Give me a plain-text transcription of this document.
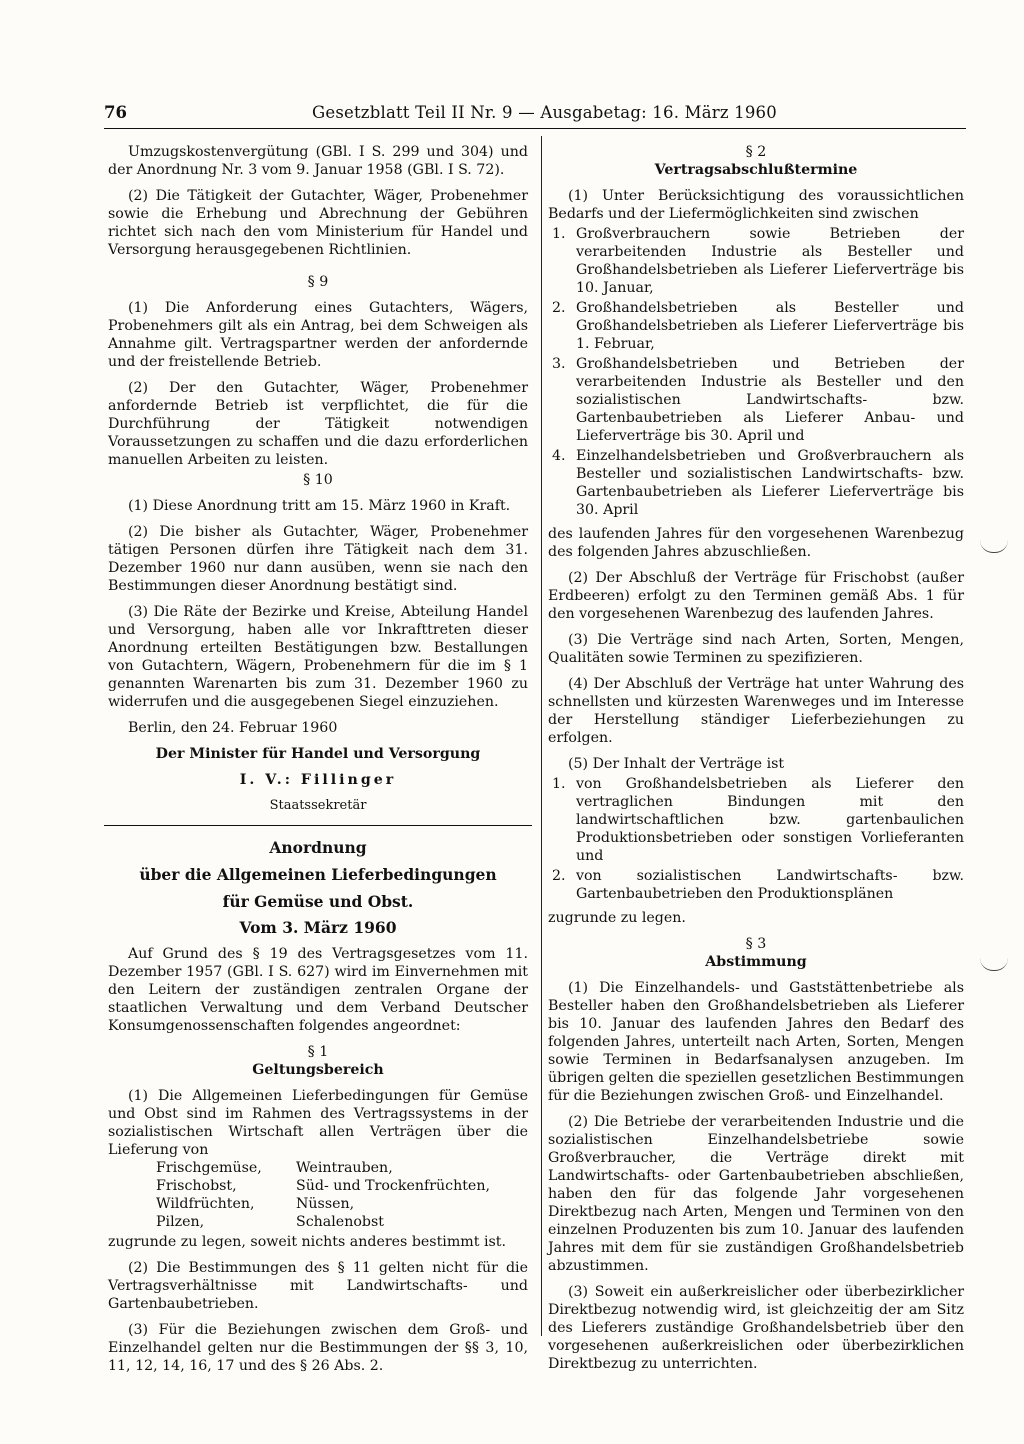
76	Gesetzblatt Teil II Nr. 9 — Ausgabetag: 16. März 1960

Umzugskostenvergütung (GBl. I S. 299 und 304) und der Anordnung Nr. 3 vom 9. Januar 1958 (GBl. I S. 72).

(2) Die Tätigkeit der Gutachter, Wäger, Probenehmer sowie die Erhebung und Abrechnung der Gebühren richtet sich nach den vom Ministerium für Handel und Versorgung herausgegebenen Richtlinien.

§ 9

(1) Die Anforderung eines Gutachters, Wägers, Probenehmers gilt als ein Antrag, bei dem Schweigen als Annahme gilt. Vertragspartner werden der anfordernde und der freistellende Betrieb.

(2) Der den Gutachter, Wäger, Probenehmer anfordernde Betrieb ist verpflichtet, die für die Durchführung der Tätigkeit notwendigen Voraussetzungen zu schaffen und die dazu erforderlichen manuellen Arbeiten zu leisten.

§ 10

(1) Diese Anordnung tritt am 15. März 1960 in Kraft.

(2) Die bisher als Gutachter, Wäger, Probenehmer tätigen Personen dürfen ihre Tätigkeit nach dem 31. Dezember 1960 nur dann ausüben, wenn sie nach den Bestimmungen dieser Anordnung bestätigt sind.

(3) Die Räte der Bezirke und Kreise, Abteilung Handel und Versorgung, haben alle vor Inkrafttreten dieser Anordnung erteilten Bestätigungen bzw. Bestallungen von Gutachtern, Wägern, Probenehmern für die im § 1 genannten Warenarten bis zum 31. Dezember 1960 zu widerrufen und die ausgegebenen Siegel einzuziehen.

Berlin, den 24. Februar 1960

Der Minister für Handel und Versorgung

I. V.: Fillinger

Staatssekretär

Anordnung

über die Allgemeinen Lieferbedingungen

für Gemüse und Obst.

Vom 3. März 1960

Auf Grund des § 19 des Vertragsgesetzes vom 11. Dezember 1957 (GBl. I S. 627) wird im Einvernehmen mit den Leitern der zuständigen zentralen Organe der staatlichen Verwaltung und dem Verband Deutscher Konsumgenossenschaften folgendes angeordnet:

§ 1

Geltungsbereich

(1) Die Allgemeinen Lieferbedingungen für Gemüse und Obst sind im Rahmen des Vertragssystems in der sozialistischen Wirtschaft allen Verträgen über die Lieferung von

Frischgemüse,	Weintrauben,
Frischobst,	Süd- und Trockenfrüchten,
Wildfrüchten,	Nüssen,
Pilzen,	Schalenobst

zugrunde zu legen, soweit nichts anderes bestimmt ist.

(2) Die Bestimmungen des § 11 gelten nicht für die Vertragsverhältnisse mit Landwirtschafts- und Gartenbaubetrieben.

(3) Für die Beziehungen zwischen dem Groß- und Einzelhandel gelten nur die Bestimmungen der §§ 3, 10, 11, 12, 14, 16, 17 und des § 26 Abs. 2.

§ 2

Vertragsabschlußtermine

(1) Unter Berücksichtigung des voraussichtlichen Bedarfs und der Liefermöglichkeiten sind zwischen

1. Großverbrauchern sowie Betrieben der verarbeitenden Industrie als Besteller und Großhandelsbetrieben als Lieferer Lieferverträge bis 10. Januar,
2. Großhandelsbetrieben als Besteller und Großhandelsbetrieben als Lieferer Lieferverträge bis 1. Februar,
3. Großhandelsbetrieben und Betrieben der verarbeitenden Industrie als Besteller und den sozialistischen Landwirtschafts- bzw. Gartenbaubetrieben als Lieferer Anbau- und Lieferverträge bis 30. April und
4. Einzelhandelsbetrieben und Großverbrauchern als Besteller und sozialistischen Landwirtschafts- bzw. Gartenbaubetrieben als Lieferer Lieferverträge bis 30. April

des laufenden Jahres für den vorgesehenen Warenbezug des folgenden Jahres abzuschließen.

(2) Der Abschluß der Verträge für Frischobst (außer Erdbeeren) erfolgt zu den Terminen gemäß Abs. 1 für den vorgesehenen Warenbezug des laufenden Jahres.

(3) Die Verträge sind nach Arten, Sorten, Mengen, Qualitäten sowie Terminen zu spezifizieren.

(4) Der Abschluß der Verträge hat unter Wahrung des schnellsten und kürzesten Warenweges und im Interesse der Herstellung ständiger Lieferbeziehungen zu erfolgen.

(5) Der Inhalt der Verträge ist

1. von Großhandelsbetrieben als Lieferer den vertraglichen Bindungen mit den landwirtschaftlichen bzw. gartenbaulichen Produktionsbetrieben oder sonstigen Vorlieferanten und
2. von sozialistischen Landwirtschafts- bzw. Gartenbaubetrieben den Produktionsplänen

zugrunde zu legen.

§ 3

Abstimmung

(1) Die Einzelhandels- und Gaststättenbetriebe als Besteller haben den Großhandelsbetrieben als Lieferer bis 10. Januar des laufenden Jahres den Bedarf des folgenden Jahres, unterteilt nach Arten, Sorten, Mengen sowie Terminen in Bedarfsanalysen anzugeben. Im übrigen gelten die speziellen gesetzlichen Bestimmungen für die Beziehungen zwischen Groß- und Einzelhandel.

(2) Die Betriebe der verarbeitenden Industrie und die sozialistischen Einzelhandelsbetriebe sowie Großverbraucher, die Verträge direkt mit Landwirtschafts- oder Gartenbaubetrieben abschließen, haben den für das folgende Jahr vorgesehenen Direktbezug nach Arten, Mengen und Terminen von den einzelnen Produzenten bis zum 10. Januar des laufenden Jahres mit dem für sie zuständigen Großhandelsbetrieb abzustimmen.

(3) Soweit ein außerkreislicher oder überbezirklicher Direktbezug notwendig wird, ist gleichzeitig der am Sitz des Lieferers zuständige Großhandelsbetrieb über den vorgesehenen außerkreislichen oder überbezirklichen Direktbezug zu unterrichten.
